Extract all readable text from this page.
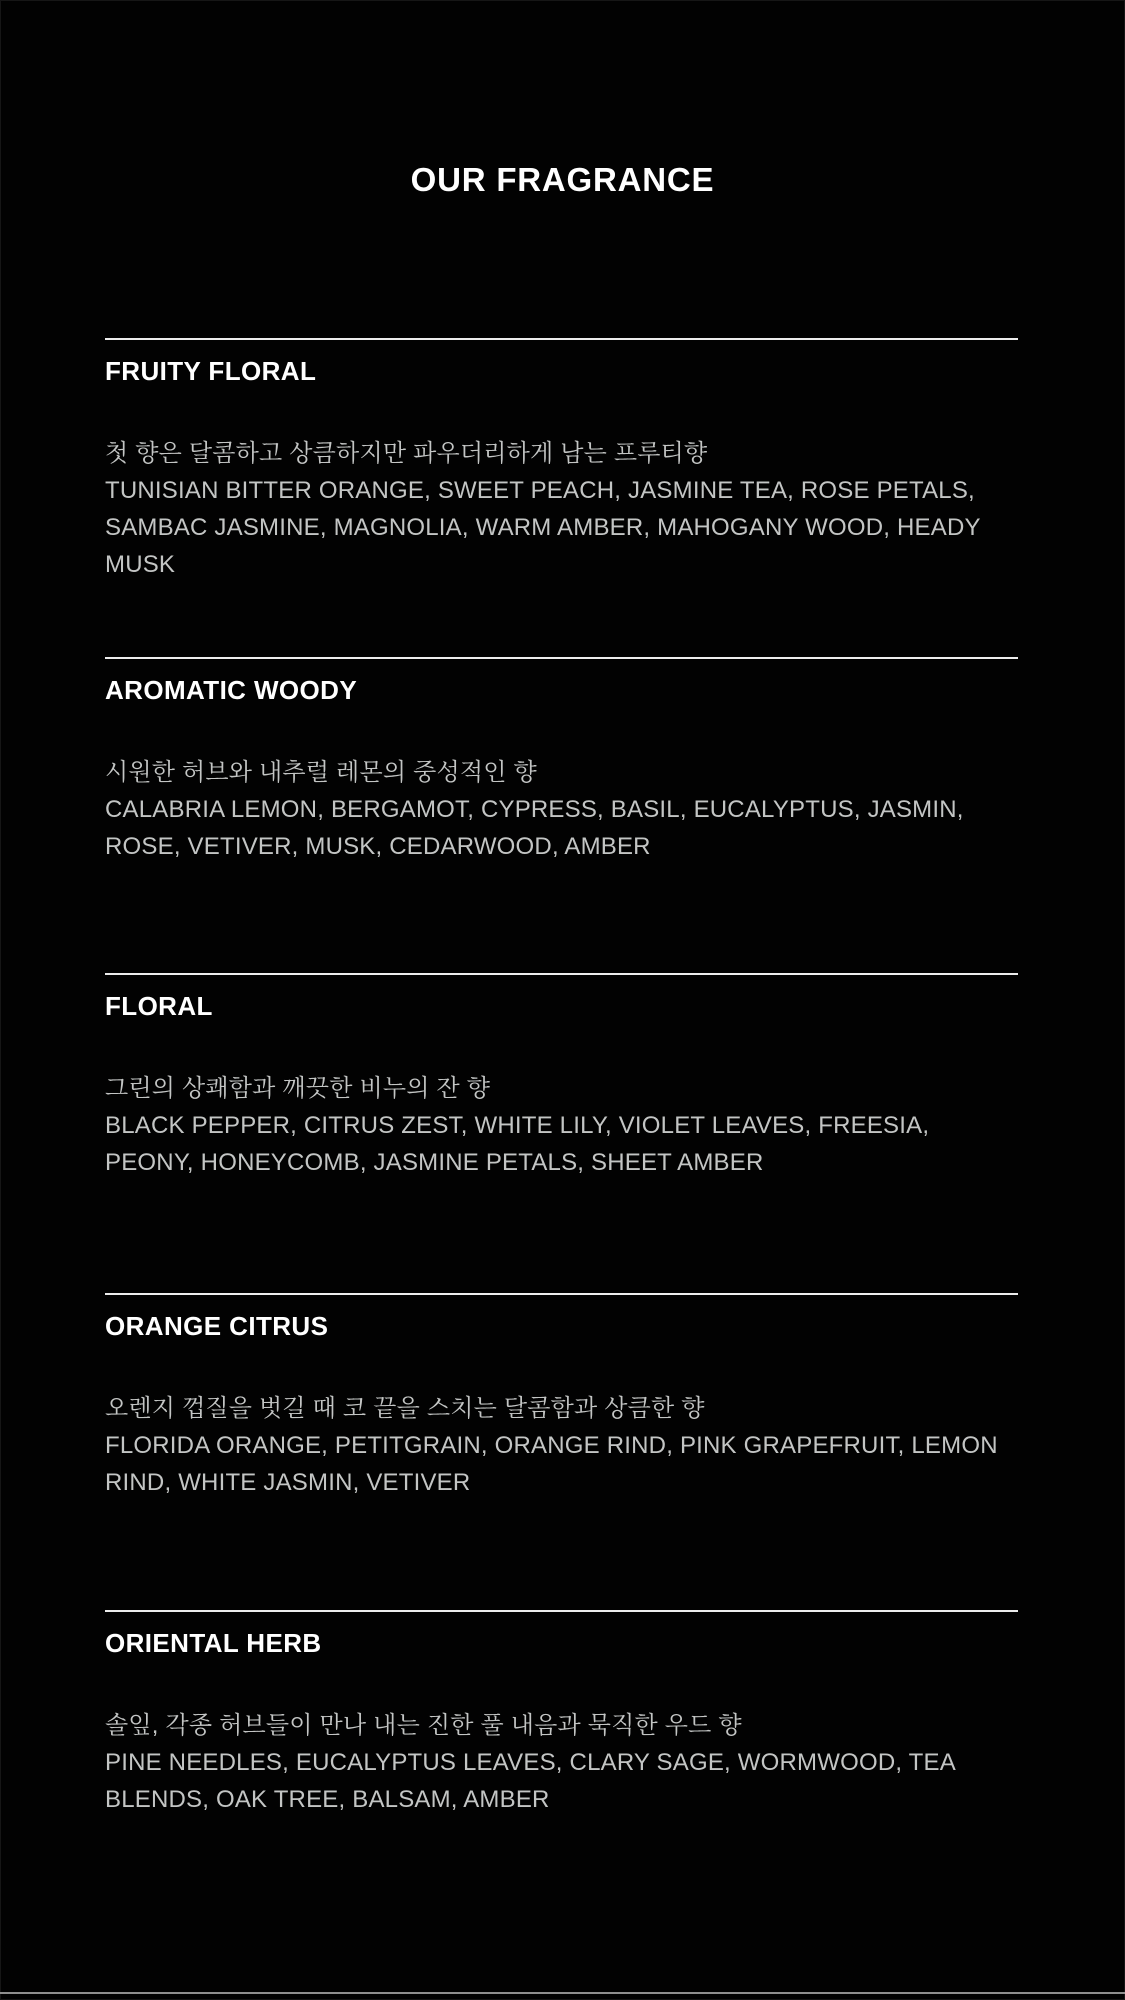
OUR FRAGRANCE
FRUITY FLORAL

첫 향은 달콤하고 상큼하지만 파우더리하게 남는 프루티향

TUNISIAN BITTER ORANGE, SWEET PEACH, JASMINE TEA, ROSE PETALS, SAMBAC JASMINE, MAGNOLIA, WARM AMBER, MAHOGANY WOOD, HEADY MUSK

AROMATIC WOODY

시원한 허브와 내추럴 레몬의 중성적인 향

CALABRIA LEMON, BERGAMOT, CYPRESS, BASIL, EUCALYPTUS, JASMIN, ROSE, VETIVER, MUSK, CEDARWOOD, AMBER

FLORAL

그린의 상쾌함과 깨끗한 비누의 잔 향

BLACK PEPPER, CITRUS ZEST, WHITE LILY, VIOLET LEAVES, FREESIA, PEONY, HONEYCOMB, JASMINE PETALS, SHEET AMBER

ORANGE CITRUS

오렌지 껍질을 벗길 때 코 끝을 스치는 달콤함과 상큼한 향

FLORIDA ORANGE, PETITGRAIN, ORANGE RIND, PINK GRAPEFRUIT, LEMON RIND, WHITE JASMIN, VETIVER

ORIENTAL HERB

솔잎, 각종 허브들이 만나 내는 진한 풀 내음과 묵직한 우드 향

PINE NEEDLES, EUCALYPTUS LEAVES, CLARY SAGE, WORMWOOD, TEA BLENDS, OAK TREE, BALSAM, AMBER
